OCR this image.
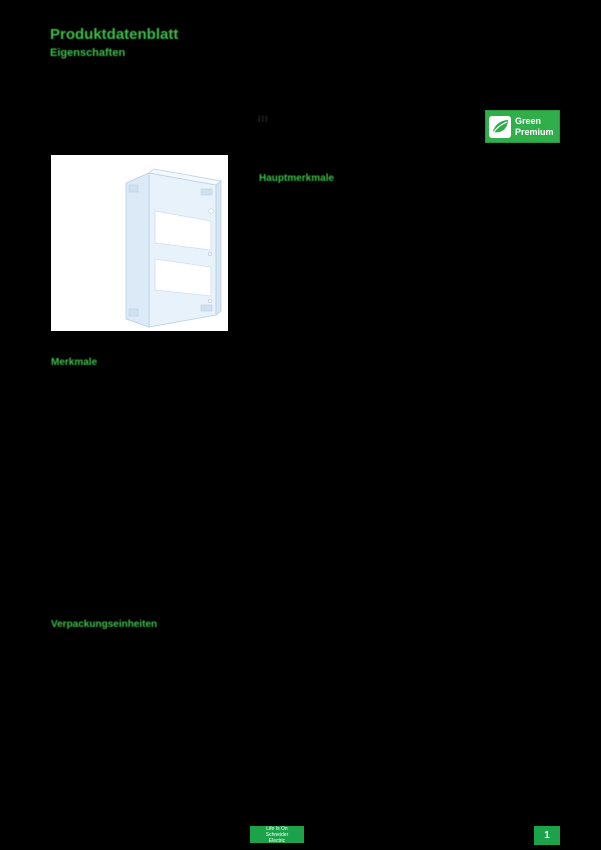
Produktdatenblatt
Eigenschaften
III	Green
Premium
Hauptmerkmale
Merkmale
Verpackungseinheiten
Life Is On
Schneider
Electric	1
